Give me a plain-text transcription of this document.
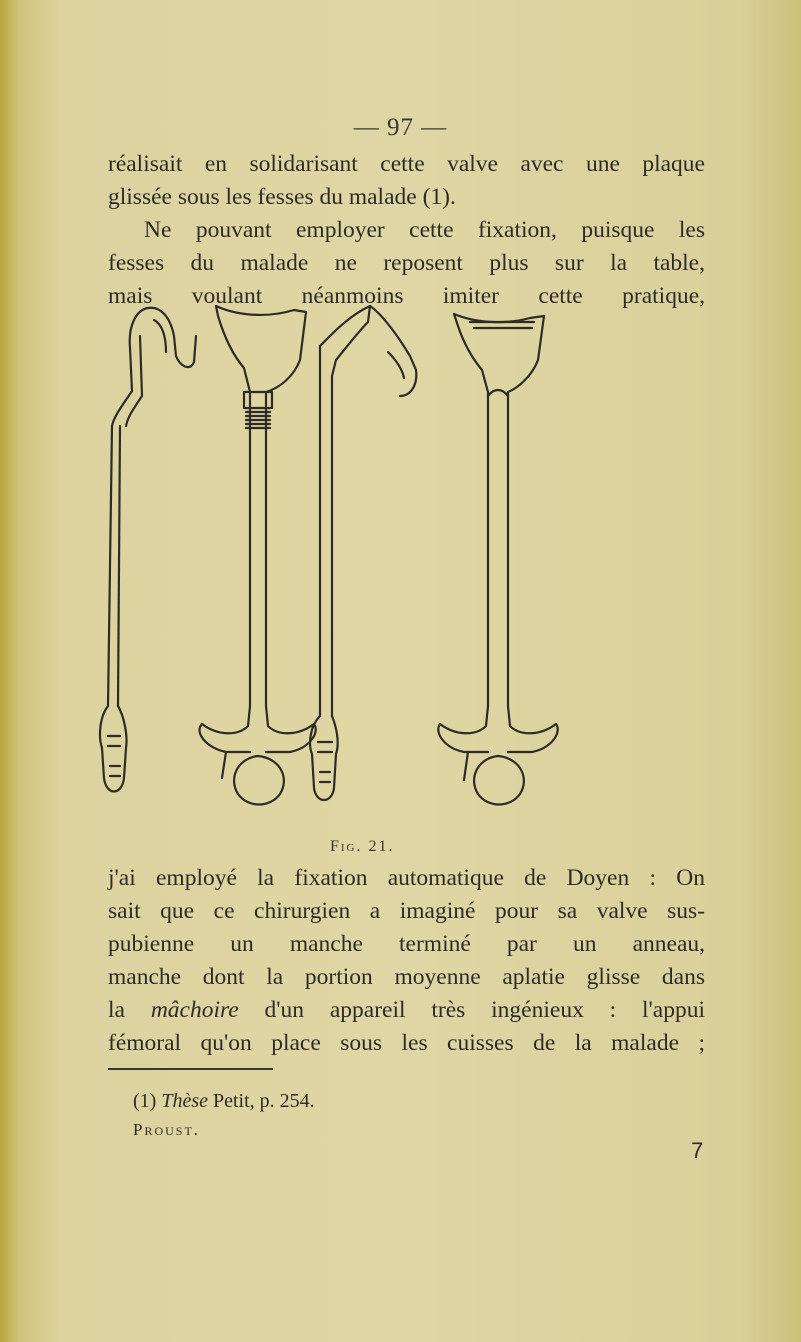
— 97 —
réalisait en solidarisant cette valve avec une plaque
glissée sous les fesses du malade (1).
Ne pouvant employer cette fixation, puisque les
fesses du malade ne reposent plus sur la table,
mais voulant néanmoins imiter cette pratique,
Fig. 21.
j'ai employé la fixation automatique de Doyen : On
sait que ce chirurgien a imaginé pour sa valve sus-
pubienne un manche terminé par un anneau,
manche dont la portion moyenne aplatie glisse dans
la mâchoire d'un appareil très ingénieux : l'appui
fémoral qu'on place sous les cuisses de la malade ;
(1) Thèse Petit, p. 254.
Proust.
7
